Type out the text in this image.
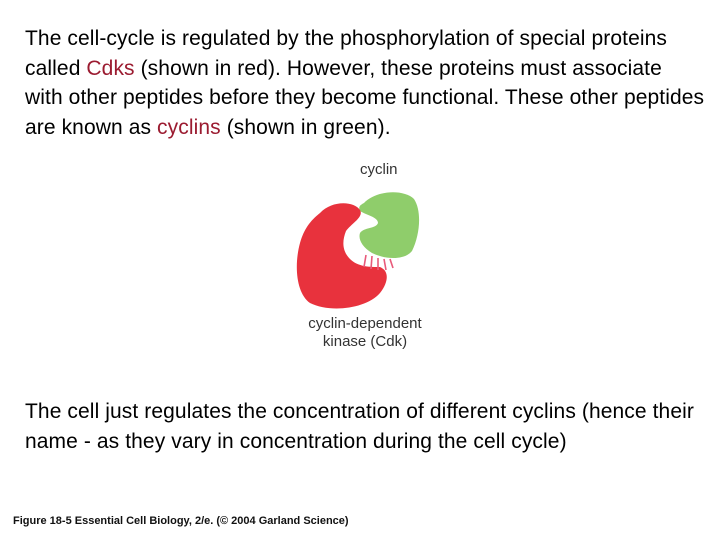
The cell-cycle is regulated by the phosphorylation of special proteins called Cdks (shown in red). However, these proteins must associate with other peptides before they become functional. These other peptides are known as cyclins (shown in green).

cyclin
cyclin-dependent
kinase (Cdk)

The cell just regulates the concentration of different cyclins (hence their name - as they vary in concentration during the cell cycle)

Figure 18-5 Essential Cell Biology, 2/e. (© 2004 Garland Science)
